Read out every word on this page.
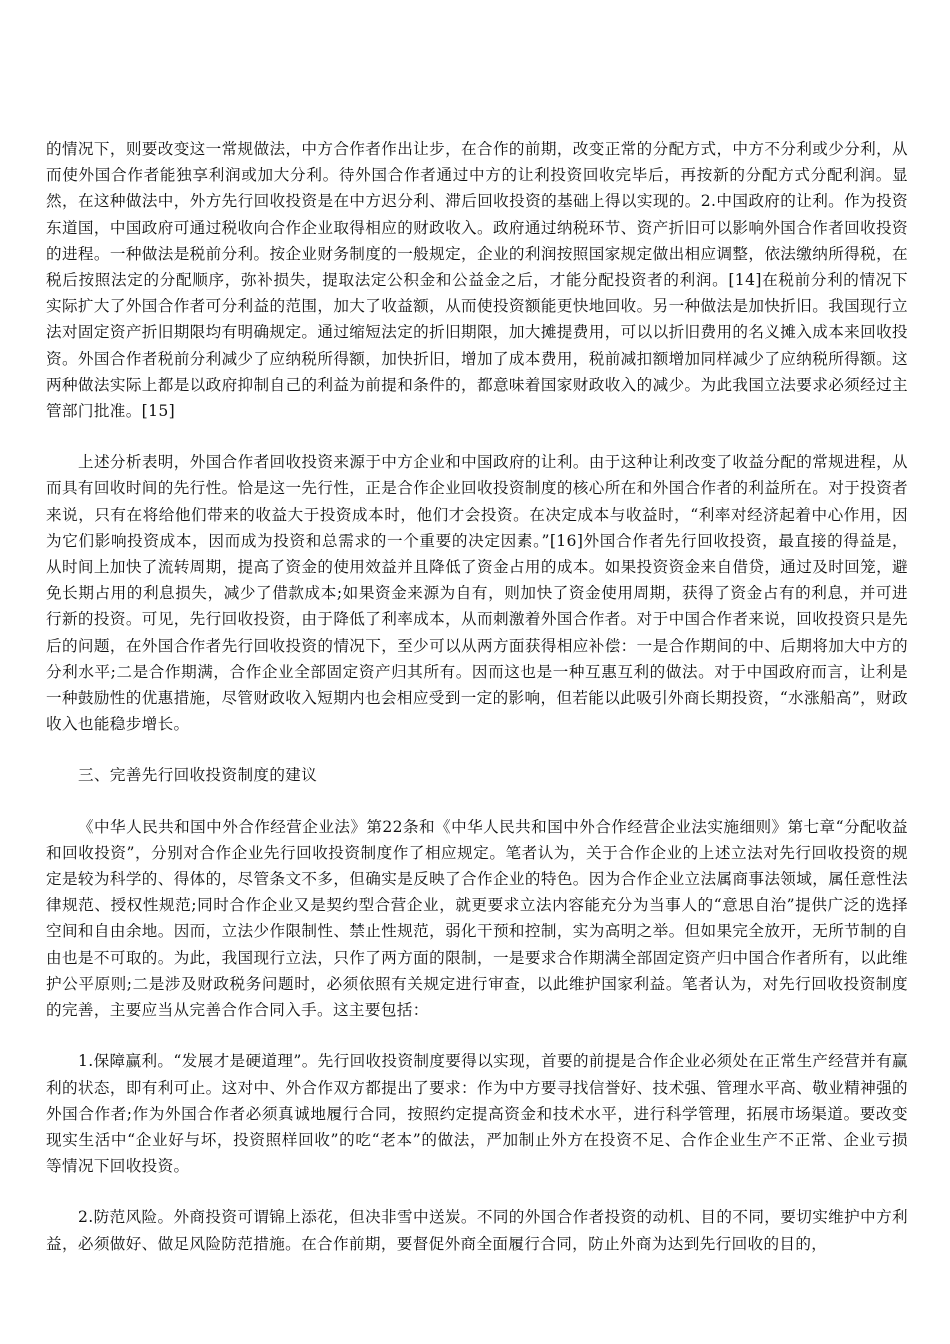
的情况下，则要改变这一常规做法，中方合作者作出让步，在合作的前期，改变正常的分配方式，中方不分利或少分利，从而使外国合作者能独享利润或加大分利。待外国合作者通过中方的让利投资回收完毕后，再按新的分配方式分配利润。显然，在这种做法中，外方先行回收投资是在中方迟分利、滞后回收投资的基础上得以实现的。2.中国政府的让利。作为投资东道国，中国政府可通过税收向合作企业取得相应的财政收入。政府通过纳税环节、资产折旧可以影响外国合作者回收投资的进程。一种做法是税前分利。按企业财务制度的一般规定，企业的利润按照国家规定做出相应调整，依法缴纳所得税，在税后按照法定的分配顺序，弥补损失，提取法定公积金和公益金之后，才能分配投资者的利润。[14]在税前分利的情况下实际扩大了外国合作者可分利益的范围，加大了收益额，从而使投资额能更快地回收。另一种做法是加快折旧。我国现行立法对固定资产折旧期限均有明确规定。通过缩短法定的折旧期限，加大摊提费用，可以以折旧费用的名义摊入成本来回收投资。外国合作者税前分利减少了应纳税所得额，加快折旧，增加了成本费用，税前减扣额增加同样减少了应纳税所得额。这两种做法实际上都是以政府抑制自己的利益为前提和条件的，都意味着国家财政收入的减少。为此我国立法要求必须经过主管部门批准。[15]

上述分析表明，外国合作者回收投资来源于中方企业和中国政府的让利。由于这种让利改变了收益分配的常规进程，从而具有回收时间的先行性。恰是这一先行性，正是合作企业回收投资制度的核心所在和外国合作者的利益所在。对于投资者来说，只有在将给他们带来的收益大于投资成本时，他们才会投资。在决定成本与收益时，“利率对经济起着中心作用，因为它们影响投资成本，因而成为投资和总需求的一个重要的决定因素。”[16]外国合作者先行回收投资，最直接的得益是，从时间上加快了流转周期，提高了资金的使用效益并且降低了资金占用的成本。如果投资资金来自借贷，通过及时回笼，避免长期占用的利息损失，减少了借款成本;如果资金来源为自有，则加快了资金使用周期，获得了资金占有的利息，并可进行新的投资。可见，先行回收投资，由于降低了利率成本，从而刺激着外国合作者。对于中国合作者来说，回收投资只是先后的问题，在外国合作者先行回收投资的情况下，至少可以从两方面获得相应补偿：一是合作期间的中、后期将加大中方的分利水平;二是合作期满，合作企业全部固定资产归其所有。因而这也是一种互惠互利的做法。对于中国政府而言，让利是一种鼓励性的优惠措施，尽管财政收入短期内也会相应受到一定的影响，但若能以此吸引外商长期投资，“水涨船高”，财政收入也能稳步增长。

三、完善先行回收投资制度的建议

《中华人民共和国中外合作经营企业法》第22条和《中华人民共和国中外合作经营企业法实施细则》第七章“分配收益和回收投资”，分别对合作企业先行回收投资制度作了相应规定。笔者认为，关于合作企业的上述立法对先行回收投资的规定是较为科学的、得体的，尽管条文不多，但确实是反映了合作企业的特色。因为合作企业立法属商事法领域，属任意性法律规范、授权性规范;同时合作企业又是契约型合营企业，就更要求立法内容能充分为当事人的“意思自治”提供广泛的选择空间和自由余地。因而，立法少作限制性、禁止性规范，弱化干预和控制，实为高明之举。但如果完全放开，无所节制的自由也是不可取的。为此，我国现行立法，只作了两方面的限制，一是要求合作期满全部固定资产归中国合作者所有，以此维护公平原则;二是涉及财政税务问题时，必须依照有关规定进行审查，以此维护国家利益。笔者认为，对先行回收投资制度的完善，主要应当从完善合作合同入手。这主要包括：

1.保障赢利。“发展才是硬道理”。先行回收投资制度要得以实现，首要的前提是合作企业必须处在正常生产经营并有赢利的状态，即有利可止。这对中、外合作双方都提出了要求：作为中方要寻找信誉好、技术强、管理水平高、敬业精神强的外国合作者;作为外国合作者必须真诚地履行合同，按照约定提高资金和技术水平，进行科学管理，拓展市场渠道。要改变现实生活中“企业好与坏，投资照样回收”的吃“老本”的做法，严加制止外方在投资不足、合作企业生产不正常、企业亏损等情况下回收投资。

2.防范风险。外商投资可谓锦上添花，但决非雪中送炭。不同的外国合作者投资的动机、目的不同，要切实维护中方利益，必须做好、做足风险防范措施。在合作前期，要督促外商全面履行合同，防止外商为达到先行回收的目的，
